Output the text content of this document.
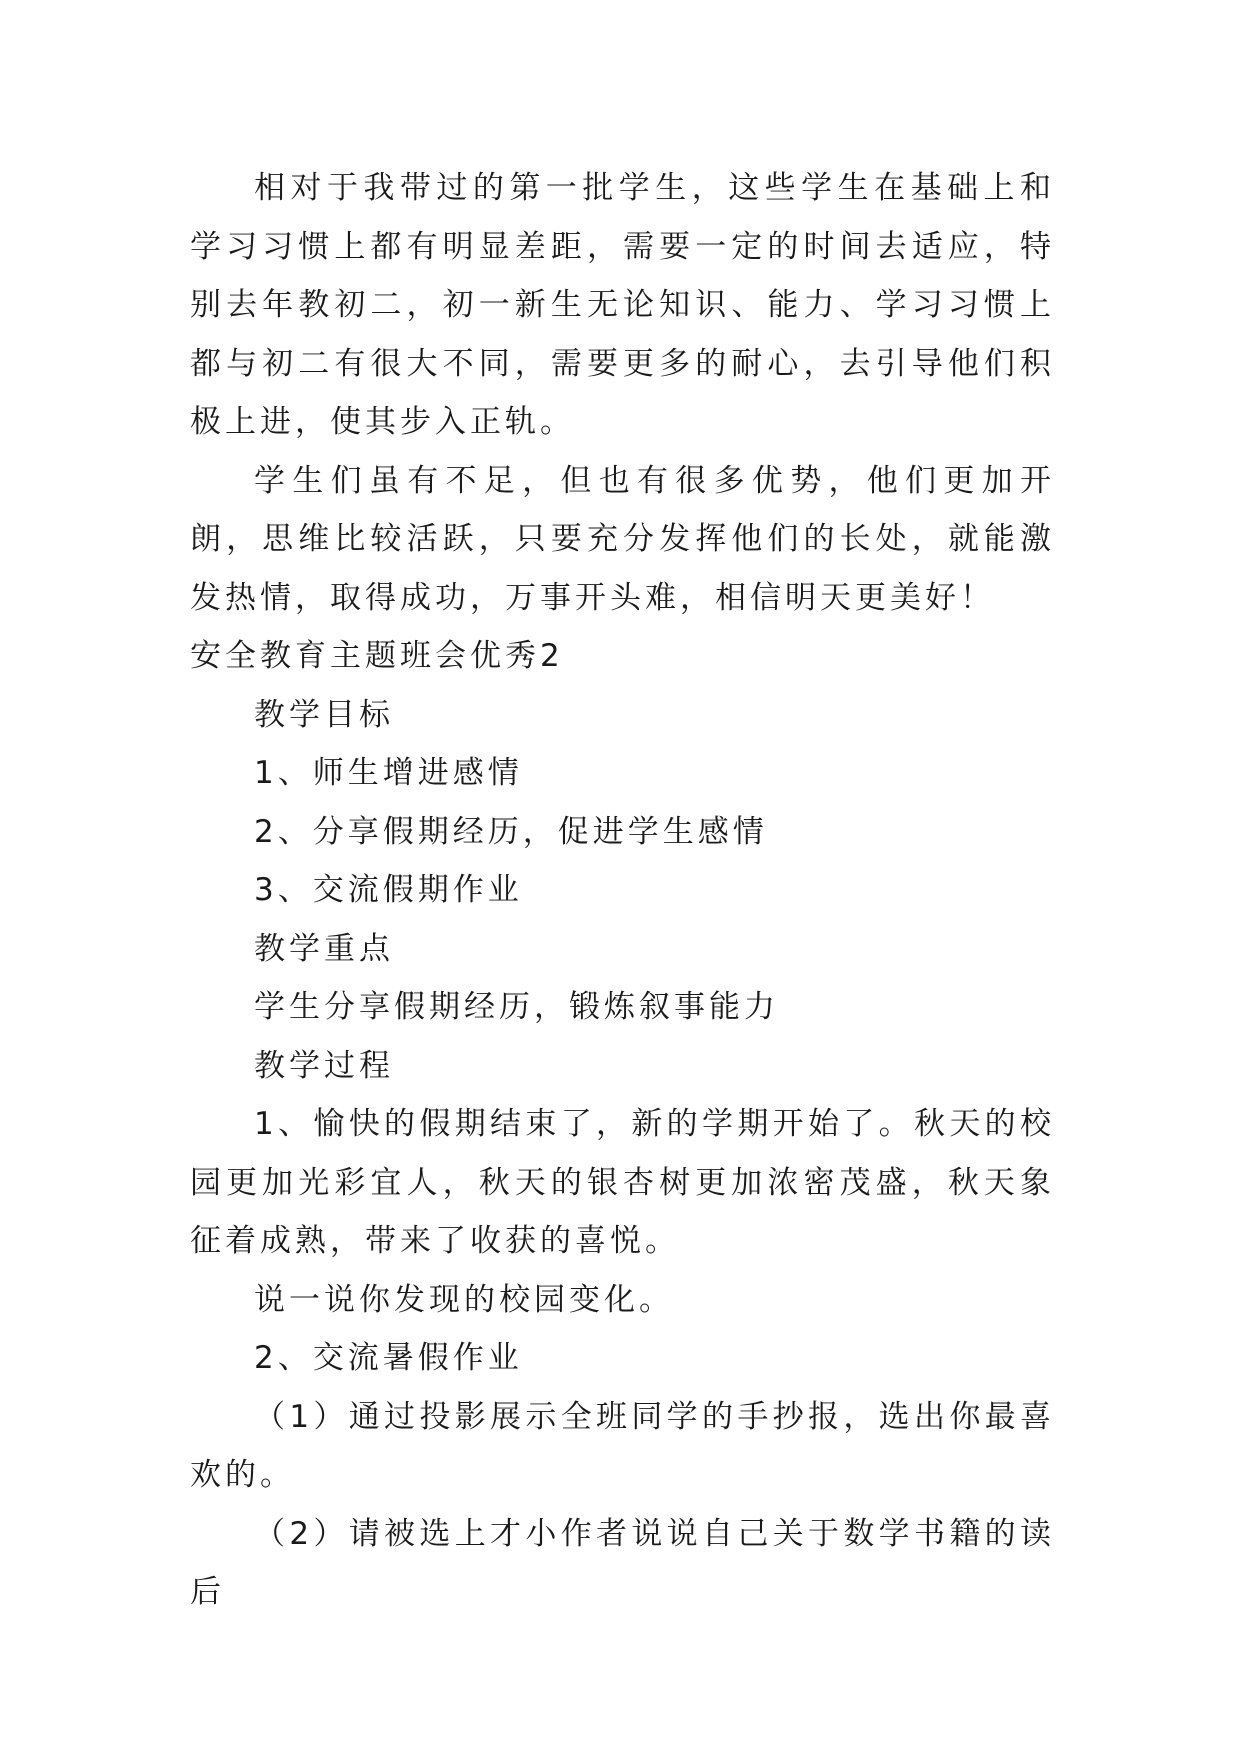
相对于我带过的第一批学生，这些学生在基础上和学习习惯上都有明显差距，需要一定的时间去适应，特别去年教初二，初一新生无论知识、能力、学习习惯上都与初二有很大不同，需要更多的耐心，去引导他们积极上进，使其步入正轨。

学生们虽有不足，但也有很多优势，他们更加开朗，思维比较活跃，只要充分发挥他们的长处，就能激发热情，取得成功，万事开头难，相信明天更美好！

安全教育主题班会优秀2

教学目标

1、师生增进感情

2、分享假期经历，促进学生感情

3、交流假期作业

教学重点

学生分享假期经历，锻炼叙事能力

教学过程

1、愉快的假期结束了，新的学期开始了。秋天的校园更加光彩宜人，秋天的银杏树更加浓密茂盛，秋天象征着成熟，带来了收获的喜悦。

说一说你发现的校园变化。

2、交流暑假作业

（1）通过投影展示全班同学的手抄报，选出你最喜欢的。

（2）请被选上才小作者说说自己关于数学书籍的读后
